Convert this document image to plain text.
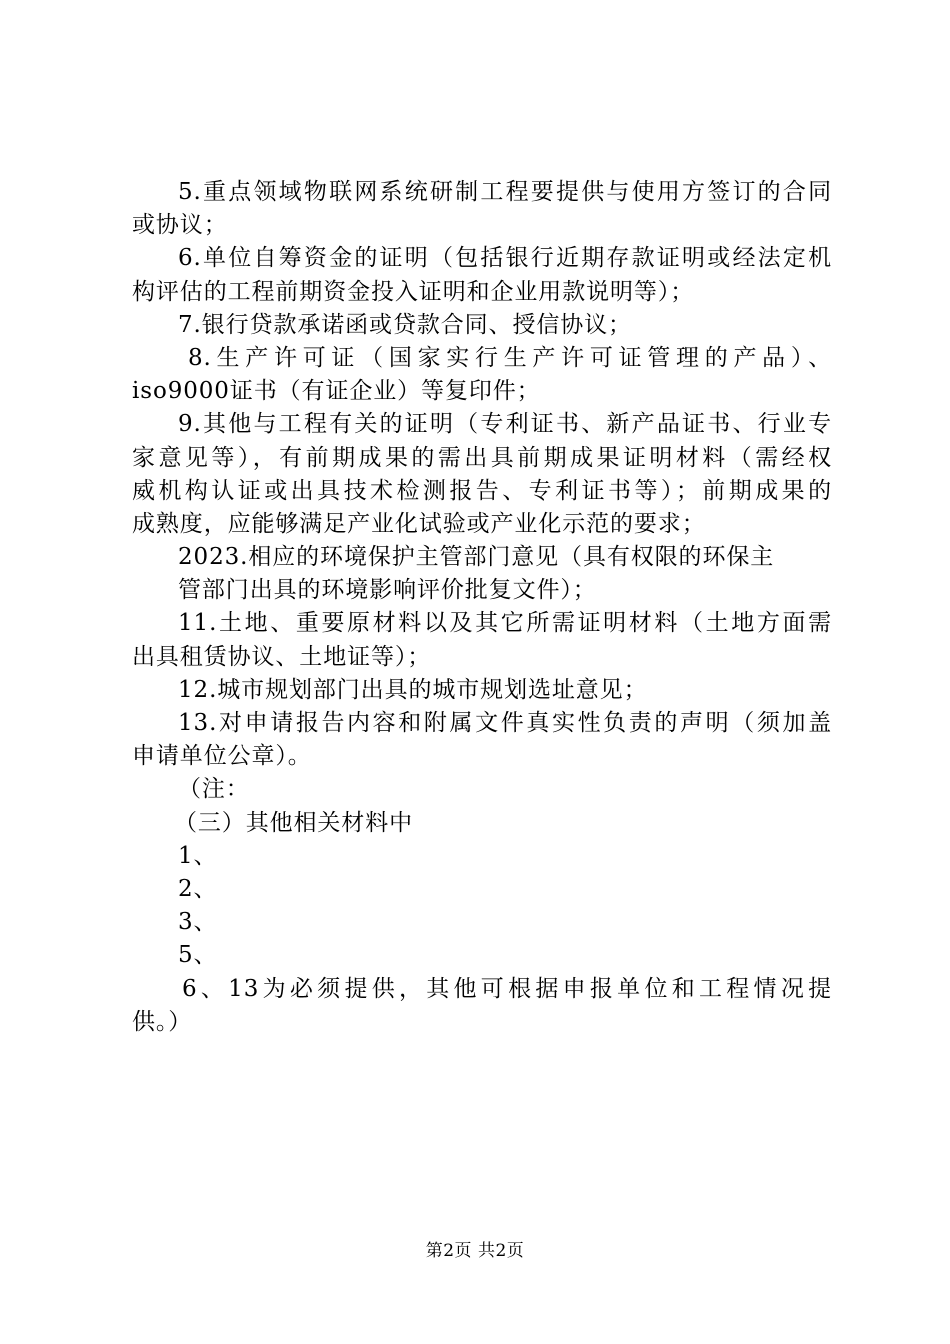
5.重点领域物联网系统研制工程要提供与使用方签订的合同
或协议；
6.单位自筹资金的证明（包括银行近期存款证明或经法定机
构评估的工程前期资金投入证明和企业用款说明等）；
7.银行贷款承诺函或贷款合同、授信协议；
8.生产许可证（国家实行生产许可证管理的产品）、
iso9000证书（有证企业）等复印件；
9.其他与工程有关的证明（专利证书、新产品证书、行业专
家意见等），有前期成果的需出具前期成果证明材料（需经权
威机构认证或出具技术检测报告、专利证书等）；前期成果的
成熟度，应能够满足产业化试验或产业化示范的要求；
2023.相应的环境保护主管部门意见（具有权限的环保主
管部门出具的环境影响评价批复文件）；
11.土地、重要原材料以及其它所需证明材料（土地方面需
出具租赁协议、土地证等）；
12.城市规划部门出具的城市规划选址意见；
13.对申请报告内容和附属文件真实性负责的声明（须加盖
申请单位公章）。
（注：
（三）其他相关材料中
1、
2、
3、
5、
6、13为必须提供，其他可根据申报单位和工程情况提
供。）
第2页 共2页
